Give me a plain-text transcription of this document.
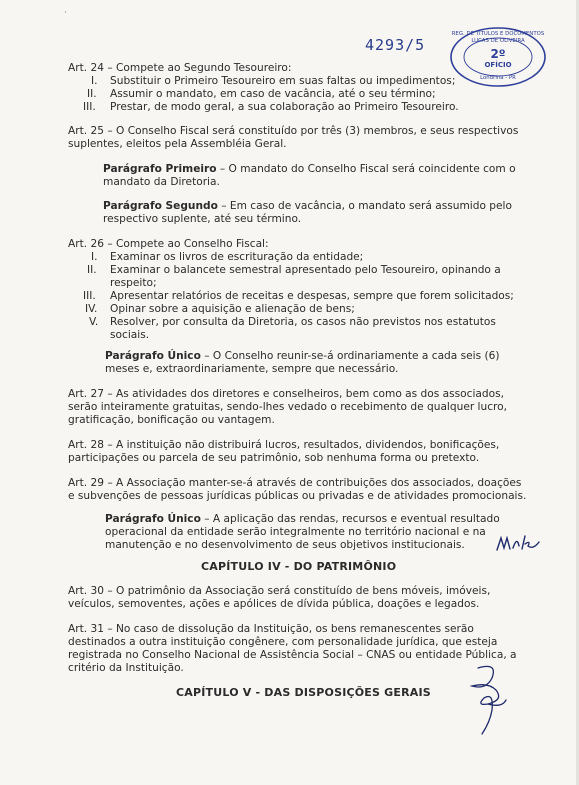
·
4293/5
REG. DE TÍTULOS E DOCUMENTOS
LUCAS DE OLIVEIRA
2º
OFÍCIO
Londrina - PR
Art. 24 – Compete ao Segundo Tesoureiro:
I. Substituir o Primeiro Tesoureiro em suas faltas ou impedimentos;
II. Assumir o mandato, em caso de vacância, até o seu término;
III. Prestar, de modo geral, a sua colaboração ao Primeiro Tesoureiro.
Art. 25 – O Conselho Fiscal será constituído por três (3) membros, e seus respectivos
suplentes, eleitos pela Assembléia Geral.
Parágrafo Primeiro – O mandato do Conselho Fiscal será coincidente com o
mandato da Diretoria.
Parágrafo Segundo – Em caso de vacância, o mandato será assumido pelo
respectivo suplente, até seu término.
Art. 26 – Compete ao Conselho Fiscal:
I. Examinar os livros de escrituração da entidade;
II. Examinar o balancete semestral apresentado pelo Tesoureiro, opinando a
respeito;
III. Apresentar relatórios de receitas e despesas, sempre que forem solicitados;
IV. Opinar sobre a aquisição e alienação de bens;
V. Resolver, por consulta da Diretoria, os casos não previstos nos estatutos
sociais.
Parágrafo Único – O Conselho reunir-se-á ordinariamente a cada seis (6)
meses e, extraordinariamente, sempre que necessário.
Art. 27 – As atividades dos diretores e conselheiros, bem como as dos associados,
serão inteiramente gratuitas, sendo-lhes vedado o recebimento de qualquer lucro,
gratificação, bonificação ou vantagem.
Art. 28 – A instituição não distribuirá lucros, resultados, dividendos, bonificações,
participações ou parcela de seu patrimônio, sob nenhuma forma ou pretexto.
Art. 29 – A Associação manter-se-á através de contribuições dos associados, doações
e subvenções de pessoas jurídicas públicas ou privadas e de atividades promocionais.
Parágrafo Único – A aplicação das rendas, recursos e eventual resultado
operacional da entidade serão integralmente no território nacional e na
manutenção e no desenvolvimento de seus objetivos institucionais.
CAPÍTULO IV - DO PATRIMÔNIO
Art. 30 – O patrimônio da Associação será constituído de bens móveis, imóveis,
veículos, semoventes, ações e apólices de dívida pública, doações e legados.
Art. 31 – No caso de dissolução da Instituição, os bens remanescentes serão
destinados a outra instituição congênere, com personalidade jurídica, que esteja
registrada no Conselho Nacional de Assistência Social – CNAS ou entidade Pública, a
critério da Instituição.
CAPÍTULO V - DAS DISPOSIÇÕES GERAIS
